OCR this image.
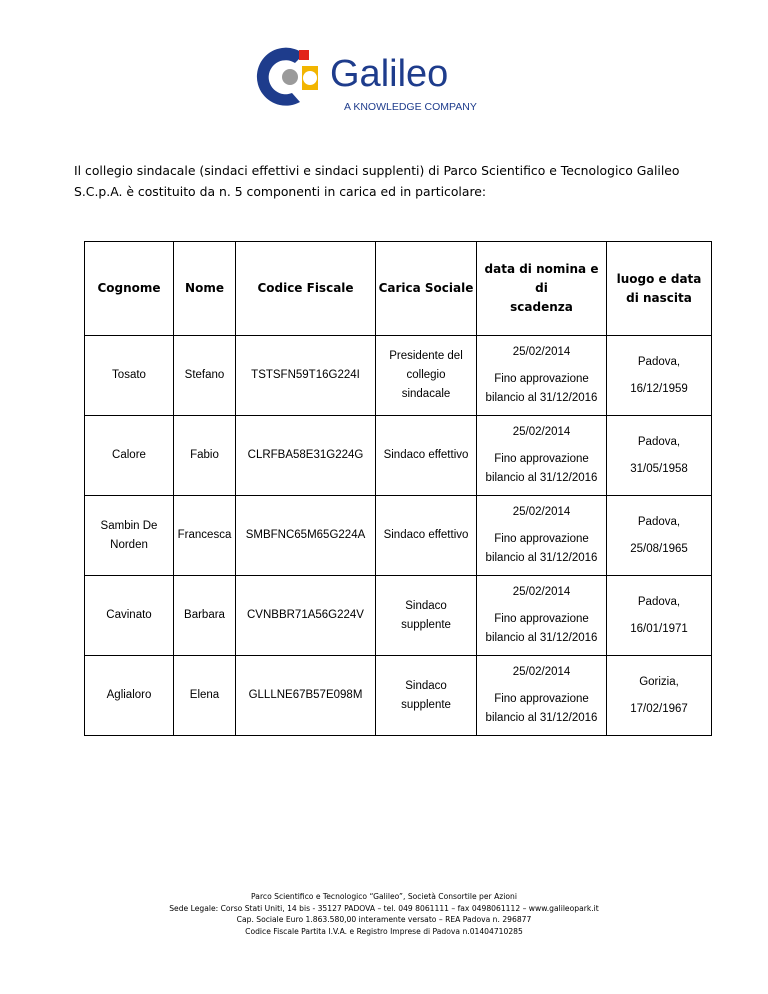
Galileo
A KNOWLEDGE COMPANY
Il collegio sindacale (sindaci effettivi e sindaci supplenti) di Parco Scientifico e Tecnologico Galileo S.C.p.A. è costituito da n. 5 componenti in carica ed in particolare:
Cognome	Nome	Codice Fiscale	Carica Sociale	data di nomina e di
scadenza	luogo e data
di nascita

Tosato	Stefano	TSTSFN59T16G224I	Presidente del
collegio
sindacale	25/02/2014
Fino approvazione
bilancio al 31/12/2016	Padova,
16/12/1959

Calore	Fabio	CLRFBA58E31G224G	Sindaco effettivo	25/02/2014
Fino approvazione
bilancio al 31/12/2016	Padova,
31/05/1958

Sambin De
Norden	Francesca	SMBFNC65M65G224A	Sindaco effettivo	25/02/2014
Fino approvazione
bilancio al 31/12/2016	Padova,
25/08/1965

Cavinato	Barbara	CVNBBR71A56G224V	Sindaco
supplente	25/02/2014
Fino approvazione
bilancio al 31/12/2016	Padova,
16/01/1971

Aglialoro	Elena	GLLLNE67B57E098M	Sindaco
supplente	25/02/2014
Fino approvazione
bilancio al 31/12/2016	Gorizia,
17/02/1967
Parco Scientifico e Tecnologico “Galileo”, Società Consortile per Azioni
Sede Legale: Corso Stati Uniti, 14 bis - 35127 PADOVA – tel. 049 8061111 – fax 0498061112 – www.galileopark.it
Cap. Sociale Euro 1.863.580,00 interamente versato – REA Padova n. 296877
Codice Fiscale Partita I.V.A. e Registro Imprese di Padova n.01404710285
